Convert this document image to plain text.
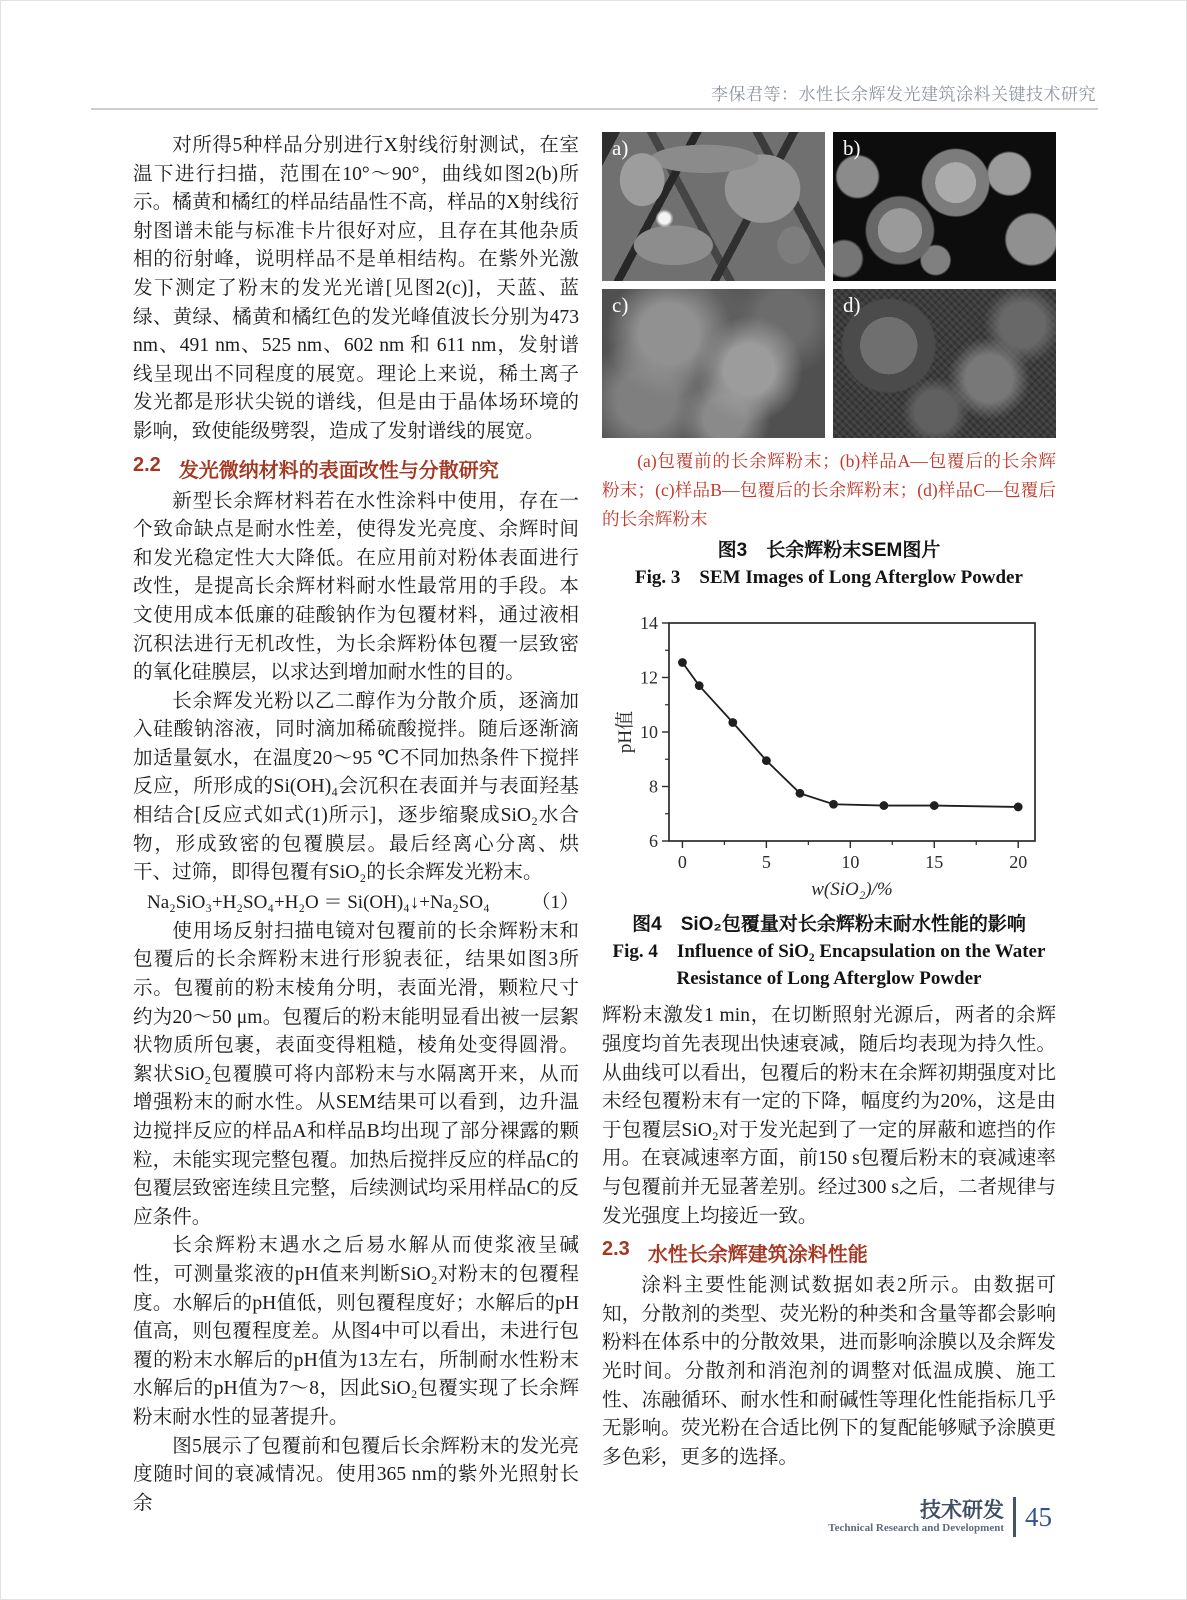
李保君等：水性长余辉发光建筑涂料关键技术研究

对所得5种样品分别进行X射线衍射测试，在室温下进行扫描，范围在10°～90°，曲线如图2(b)所示。橘黄和橘红的样品结晶性不高，样品的X射线衍射图谱未能与标准卡片很好对应，且存在其他杂质相的衍射峰，说明样品不是单相结构。在紫外光激发下测定了粉末的发光光谱[见图2(c)]，天蓝、蓝绿、黄绿、橘黄和橘红色的发光峰值波长分别为473 nm、491 nm、525 nm、602 nm 和 611 nm，发射谱线呈现出不同程度的展宽。理论上来说，稀土离子发光都是形状尖锐的谱线，但是由于晶体场环境的影响，致使能级劈裂，造成了发射谱线的展宽。

2.2 发光微纳材料的表面改性与分散研究

新型长余辉材料若在水性涂料中使用，存在一个致命缺点是耐水性差，使得发光亮度、余辉时间和发光稳定性大大降低。在应用前对粉体表面进行改性，是提高长余辉材料耐水性最常用的手段。本文使用成本低廉的硅酸钠作为包覆材料，通过液相沉积法进行无机改性，为长余辉粉体包覆一层致密的氧化硅膜层，以求达到增加耐水性的目的。

长余辉发光粉以乙二醇作为分散介质，逐滴加入硅酸钠溶液，同时滴加稀硫酸搅拌。随后逐渐滴加适量氨水，在温度20～95 ℃不同加热条件下搅拌反应，所形成的Si(OH)₄会沉积在表面并与表面羟基相结合[反应式如式(1)所示]，逐步缩聚成SiO₂水合物，形成致密的包覆膜层。最后经离心分离、烘干、过筛，即得包覆有SiO₂的长余辉发光粉末。

Na₂SiO₃+H₂SO₄+H₂O ＝ Si(OH)₄↓+Na₂SO₄ （1）

使用场反射扫描电镜对包覆前的长余辉粉末和包覆后的长余辉粉末进行形貌表征，结果如图3所示。包覆前的粉末棱角分明，表面光滑，颗粒尺寸约为20～50 μm。包覆后的粉末能明显看出被一层絮状物质所包裹，表面变得粗糙，棱角处变得圆滑。絮状SiO₂包覆膜可将内部粉末与水隔离开来，从而增强粉末的耐水性。从SEM结果可以看到，边升温边搅拌反应的样品A和样品B均出现了部分裸露的颗粒，未能实现完整包覆。加热后搅拌反应的样品C的包覆层致密连续且完整，后续测试均采用样品C的反应条件。

长余辉粉末遇水之后易水解从而使浆液呈碱性，可测量浆液的pH值来判断SiO₂对粉末的包覆程度。水解后的pH值低，则包覆程度好；水解后的pH值高，则包覆程度差。从图4中可以看出，未进行包覆的粉末水解后的pH值为13左右，所制耐水性粉末水解后的pH值为7～8，因此SiO₂包覆实现了长余辉粉末耐水性的显著提升。

图5展示了包覆前和包覆后长余辉粉末的发光亮度随时间的衰减情况。使用365 nm的紫外光照射长余

a)	b)
c)	d)

(a)包覆前的长余辉粉末；(b)样品A—包覆后的长余辉粉末；(c)样品B—包覆后的长余辉粉末；(d)样品C—包覆后的长余辉粉末

图3　长余辉粉末SEM图片

Fig. 3　SEM Images of Long Afterglow Powder

0	5	10	15	20
6
8
10
12
14
pH值
w(SiO₂)/%

图4　SiO₂包覆量对长余辉粉末耐水性能的影响

Fig. 4　Influence of SiO₂ Encapsulation on the Water

Resistance of Long Afterglow Powder

辉粉末激发1 min，在切断照射光源后，两者的余辉强度均首先表现出快速衰减，随后均表现为持久性。从曲线可以看出，包覆后的粉末在余辉初期强度对比未经包覆粉末有一定的下降，幅度约为20%，这是由于包覆层SiO₂对于发光起到了一定的屏蔽和遮挡的作用。在衰减速率方面，前150 s包覆后粉末的衰减速率与包覆前并无显著差别。经过300 s之后，二者规律与发光强度上均接近一致。

2.3 水性长余辉建筑涂料性能

涂料主要性能测试数据如表2所示。由数据可知，分散剂的类型、荧光粉的种类和含量等都会影响粉料在体系中的分散效果，进而影响涂膜以及余辉发光时间。分散剂和消泡剂的调整对低温成膜、施工性、冻融循环、耐水性和耐碱性等理化性能指标几乎无影响。荧光粉在合适比例下的复配能够赋予涂膜更多色彩，更多的选择。

技术研发
Technical Research and Development 45
